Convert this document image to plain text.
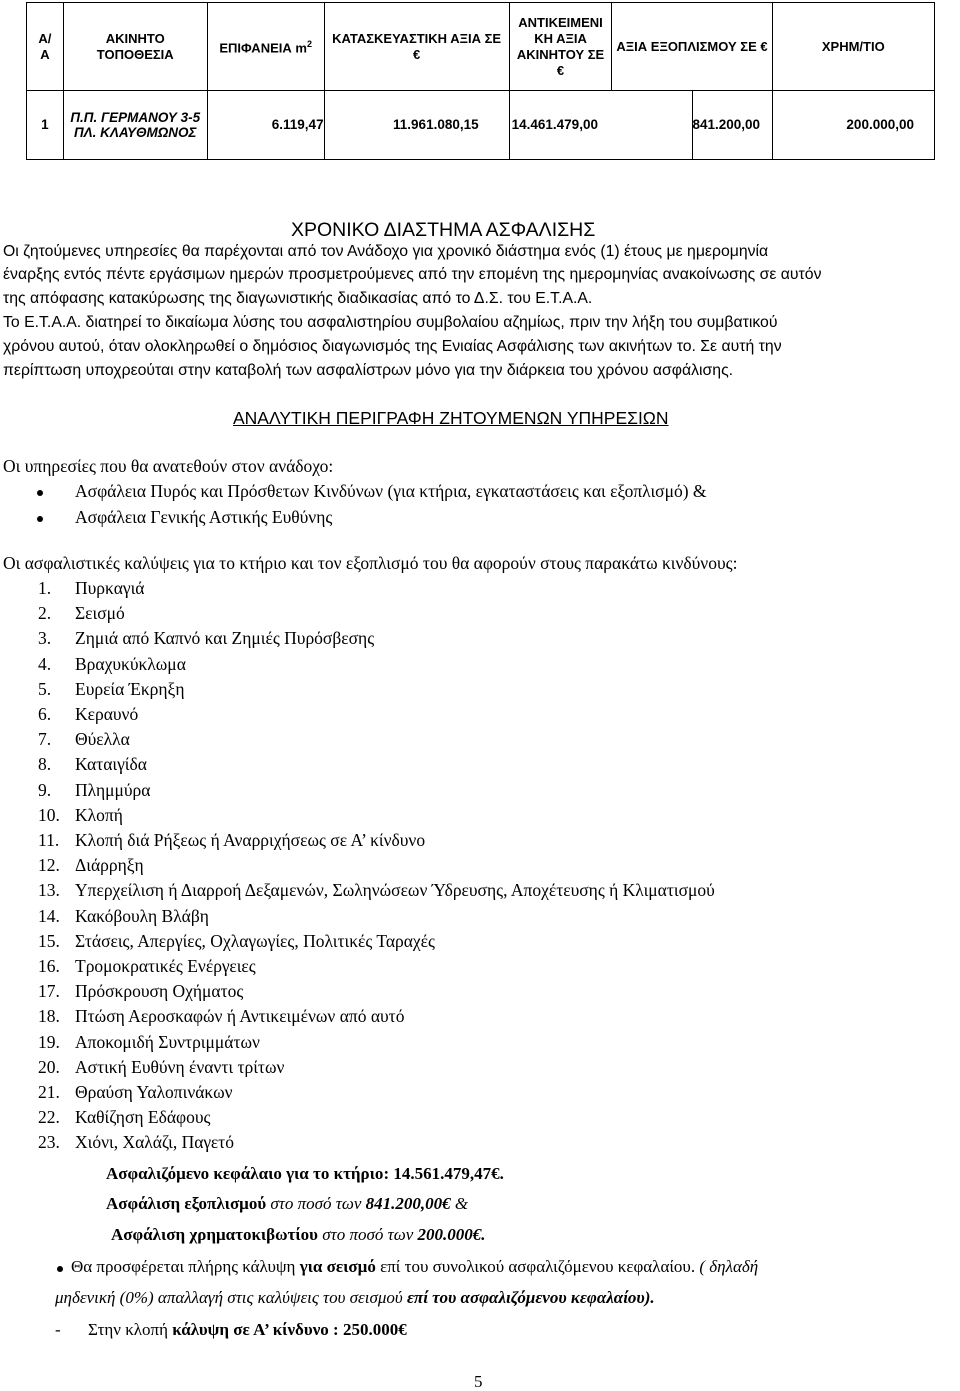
Α/
Α	ΑΚΙΝΗΤΟ ΤΟΠΟΘΕΣΙΑ	ΕΠΙΦΑΝΕΙΑ $m^2$	ΚΑΤΑΣΚΕΥΑΣΤΙΚΗ ΑΞΙΑ ΣΕ €	ΑΝΤΙΚΕΙΜΕΝΙ ΚΗ ΑΞΙΑ ΑΚΙΝΗΤΟΥ ΣΕ €	ΑΞΙΑ ΕΞΟΠΛΙΣΜΟΥ ΣΕ €		ΧΡΗΜ/ΤΙΟ
1	Π.Π. ΓΕΡΜΑΝΟΥ 3-5 ΠΛ. ΚΛΑΥΘΜΩΝΟΣ	6.119,47	11.961.080,15	14.461.479,00		841.200,00	200.000,00
ΧΡΟΝΙΚΟ ΔΙΑΣΤΗΜΑ ΑΣΦΑΛΙΣΗΣ
Οι ζητούμενες υπηρεσίες θα παρέχονται από τον Ανάδοχο για χρονικό διάστημα ενός (1) έτους με ημερομηνία
έναρξης εντός πέντε εργάσιμων ημερών προσμετρούμενες από την επομένη της ημερομηνίας ανακοίνωσης σε αυτόν
της απόφασης κατακύρωσης της διαγωνιστικής διαδικασίας από το Δ.Σ. του Ε.Τ.Α.Α.
Το Ε.Τ.Α.Α. διατηρεί το δικαίωμα λύσης του ασφαλιστηρίου συμβολαίου αζημίως, πριν την λήξη του συμβατικού
χρόνου αυτού, όταν ολοκληρωθεί ο δημόσιος διαγωνισμός της Ενιαίας Ασφάλισης των ακινήτων το. Σε αυτή την
περίπτωση υποχρεούται στην καταβολή των ασφαλίστρων μόνο για την διάρκεια του χρόνου ασφάλισης.
ΑΝΑΛΥΤΙΚΗ ΠΕΡΙΓΡΑΦΗ ΖΗΤΟΥΜΕΝΩΝ ΥΠΗΡΕΣΙΩΝ
Οι υπηρεσίες που θα ανατεθούν στον ανάδοχο:
Ασφάλεια Πυρός και Πρόσθετων Κινδύνων (για κτήρια, εγκαταστάσεις και εξοπλισμό) &
Ασφάλεια Γενικής Αστικής Ευθύνης
Οι ασφαλιστικές καλύψεις για το κτήριο και τον εξοπλισμό του θα αφορούν στους παρακάτω κινδύνους:
1. Πυρκαγιά
2. Σεισμό
3. Ζημιά από Καπνό και Ζημιές Πυρόσβεσης
4. Βραχυκύκλωμα
5. Ευρεία Έκρηξη
6. Κεραυνό
7. Θύελλα
8. Καταιγίδα
9. Πλημμύρα
10. Κλοπή
11. Κλοπή διά Ρήξεως ή Αναρριχήσεως σε Α’ κίνδυνο
12. Διάρρηξη
13. Υπερχείλιση ή Διαρροή Δεξαμενών, Σωληνώσεων Ύδρευσης, Αποχέτευσης ή Κλιματισμού
14. Κακόβουλη Βλάβη
15. Στάσεις, Απεργίες, Οχλαγωγίες, Πολιτικές Ταραχές
16. Τρομοκρατικές Ενέργειες
17. Πρόσκρουση Οχήματος
18. Πτώση Αεροσκαφών ή Αντικειμένων από αυτό
19. Αποκομιδή Συντριμμάτων
20. Αστική Ευθύνη έναντι τρίτων
21. Θραύση Υαλοπινάκων
22. Καθίζηση Εδάφους
23. Χιόνι, Χαλάζι, Παγετό
Ασφαλιζόμενο κεφάλαιο για το κτήριο: 14.561.479,47€.
Ασφάλιση εξοπλισμού στο ποσό των 841.200,00€ &
Ασφάλιση χρηματοκιβωτίου στο ποσό των 200.000€.
Θα προσφέρεται πλήρης κάλυψη για σεισμό επί του συνολικού ασφαλιζόμενου κεφαλαίου. ( δηλαδή
μηδενική (0%) απαλλαγή στις καλύψεις του σεισμού επί του ασφαλιζόμενου κεφαλαίου).
- Στην κλοπή κάλυψη σε Α’ κίνδυνο : 250.000€
5
